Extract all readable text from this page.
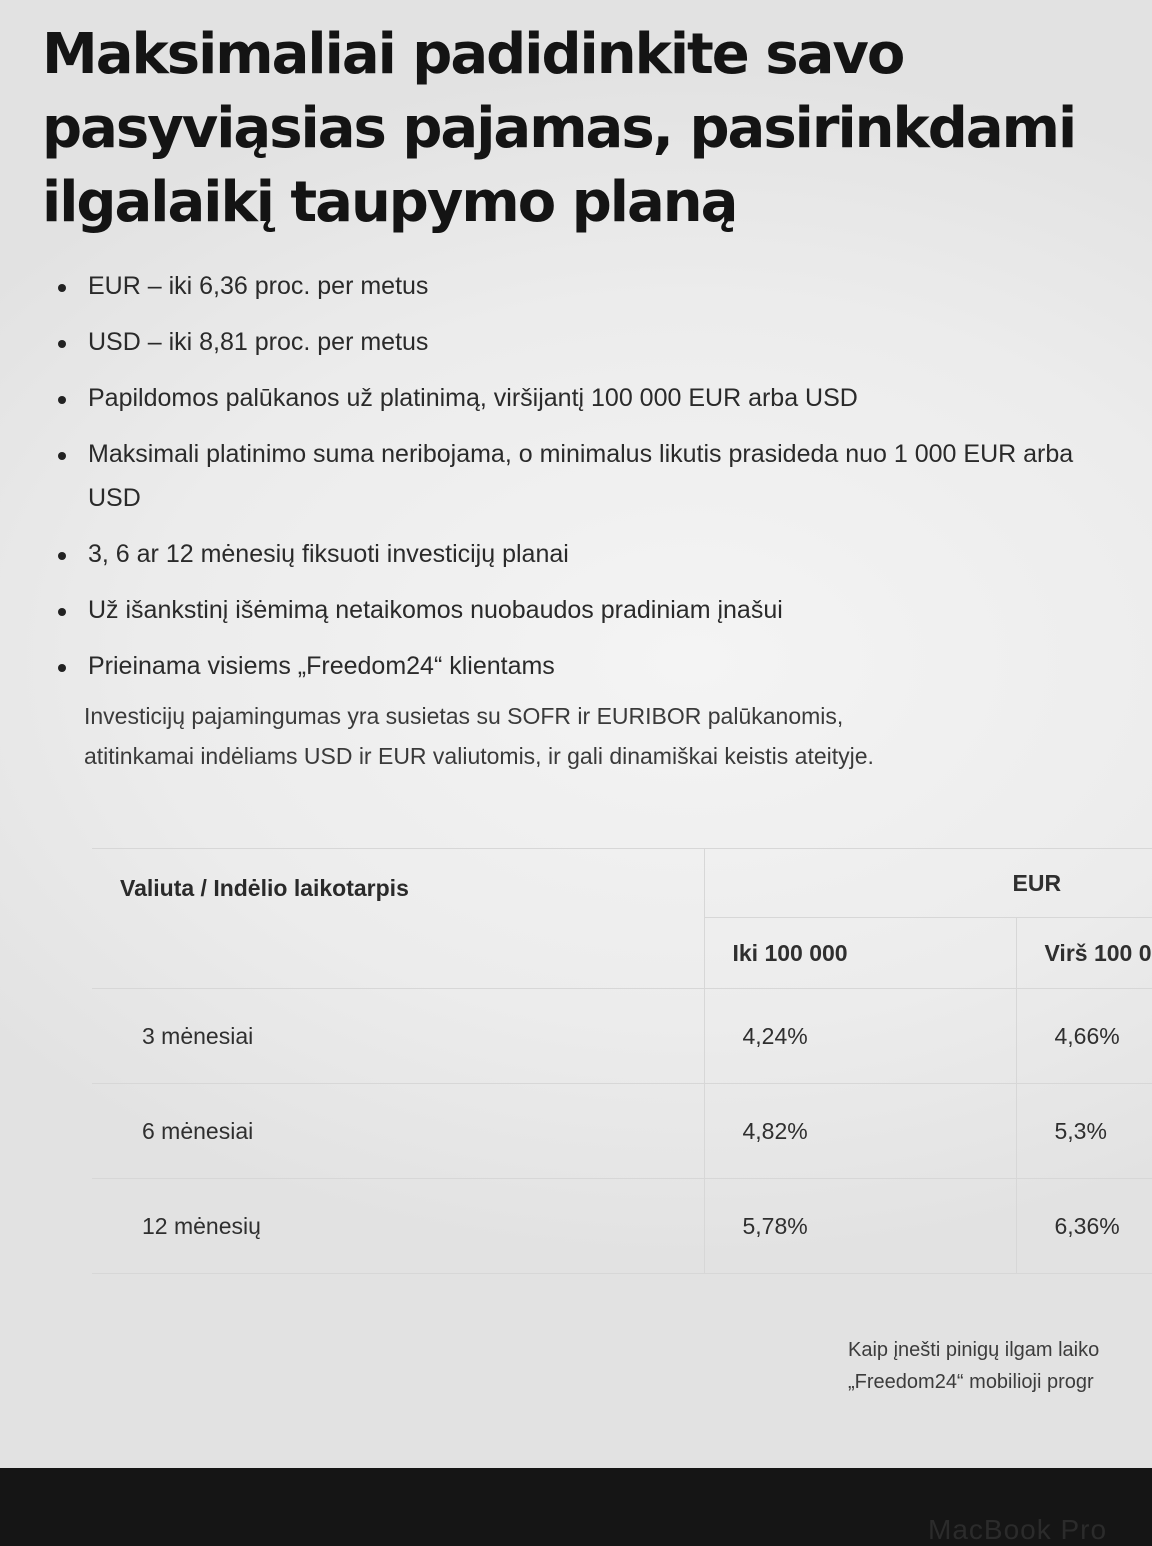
Maksimaliai padidinkite savo
pasyviąsias pajamas, pasirinkdami
ilgalaikį taupymo planą
EUR – iki 6,36 proc. per metus
USD – iki 8,81 proc. per metus
Papildomos palūkanos už platinimą, viršijantį 100 000 EUR arba USD
Maksimali platinimo suma neribojama, o minimalus likutis prasideda nuo 1 000 EUR arba USD
3, 6 ar 12 mėnesių fiksuoti investicijų planai
Už išankstinį išėmimą netaikomos nuobaudos pradiniam įnašui
Prieinama visiems „Freedom24“ klientams

Investicijų pajamingumas yra susietas su SOFR ir EURIBOR palūkanomis,
atitinkamai indėliams USD ir EUR valiutomis, ir gali dinamiškai keistis ateityje.

Valiuta / Indėlio laikotarpis	EUR	
	Iki 100 000	Virš 100 0
3 mėnesiai	4,24%	4,66%
6 mėnesiai	4,82%	5,3%
12 mėnesių	5,78%	6,36%
Kaip įnešti pinigų ilgam laiko
„Freedom24“ mobilioji progr
MacBook Pro
